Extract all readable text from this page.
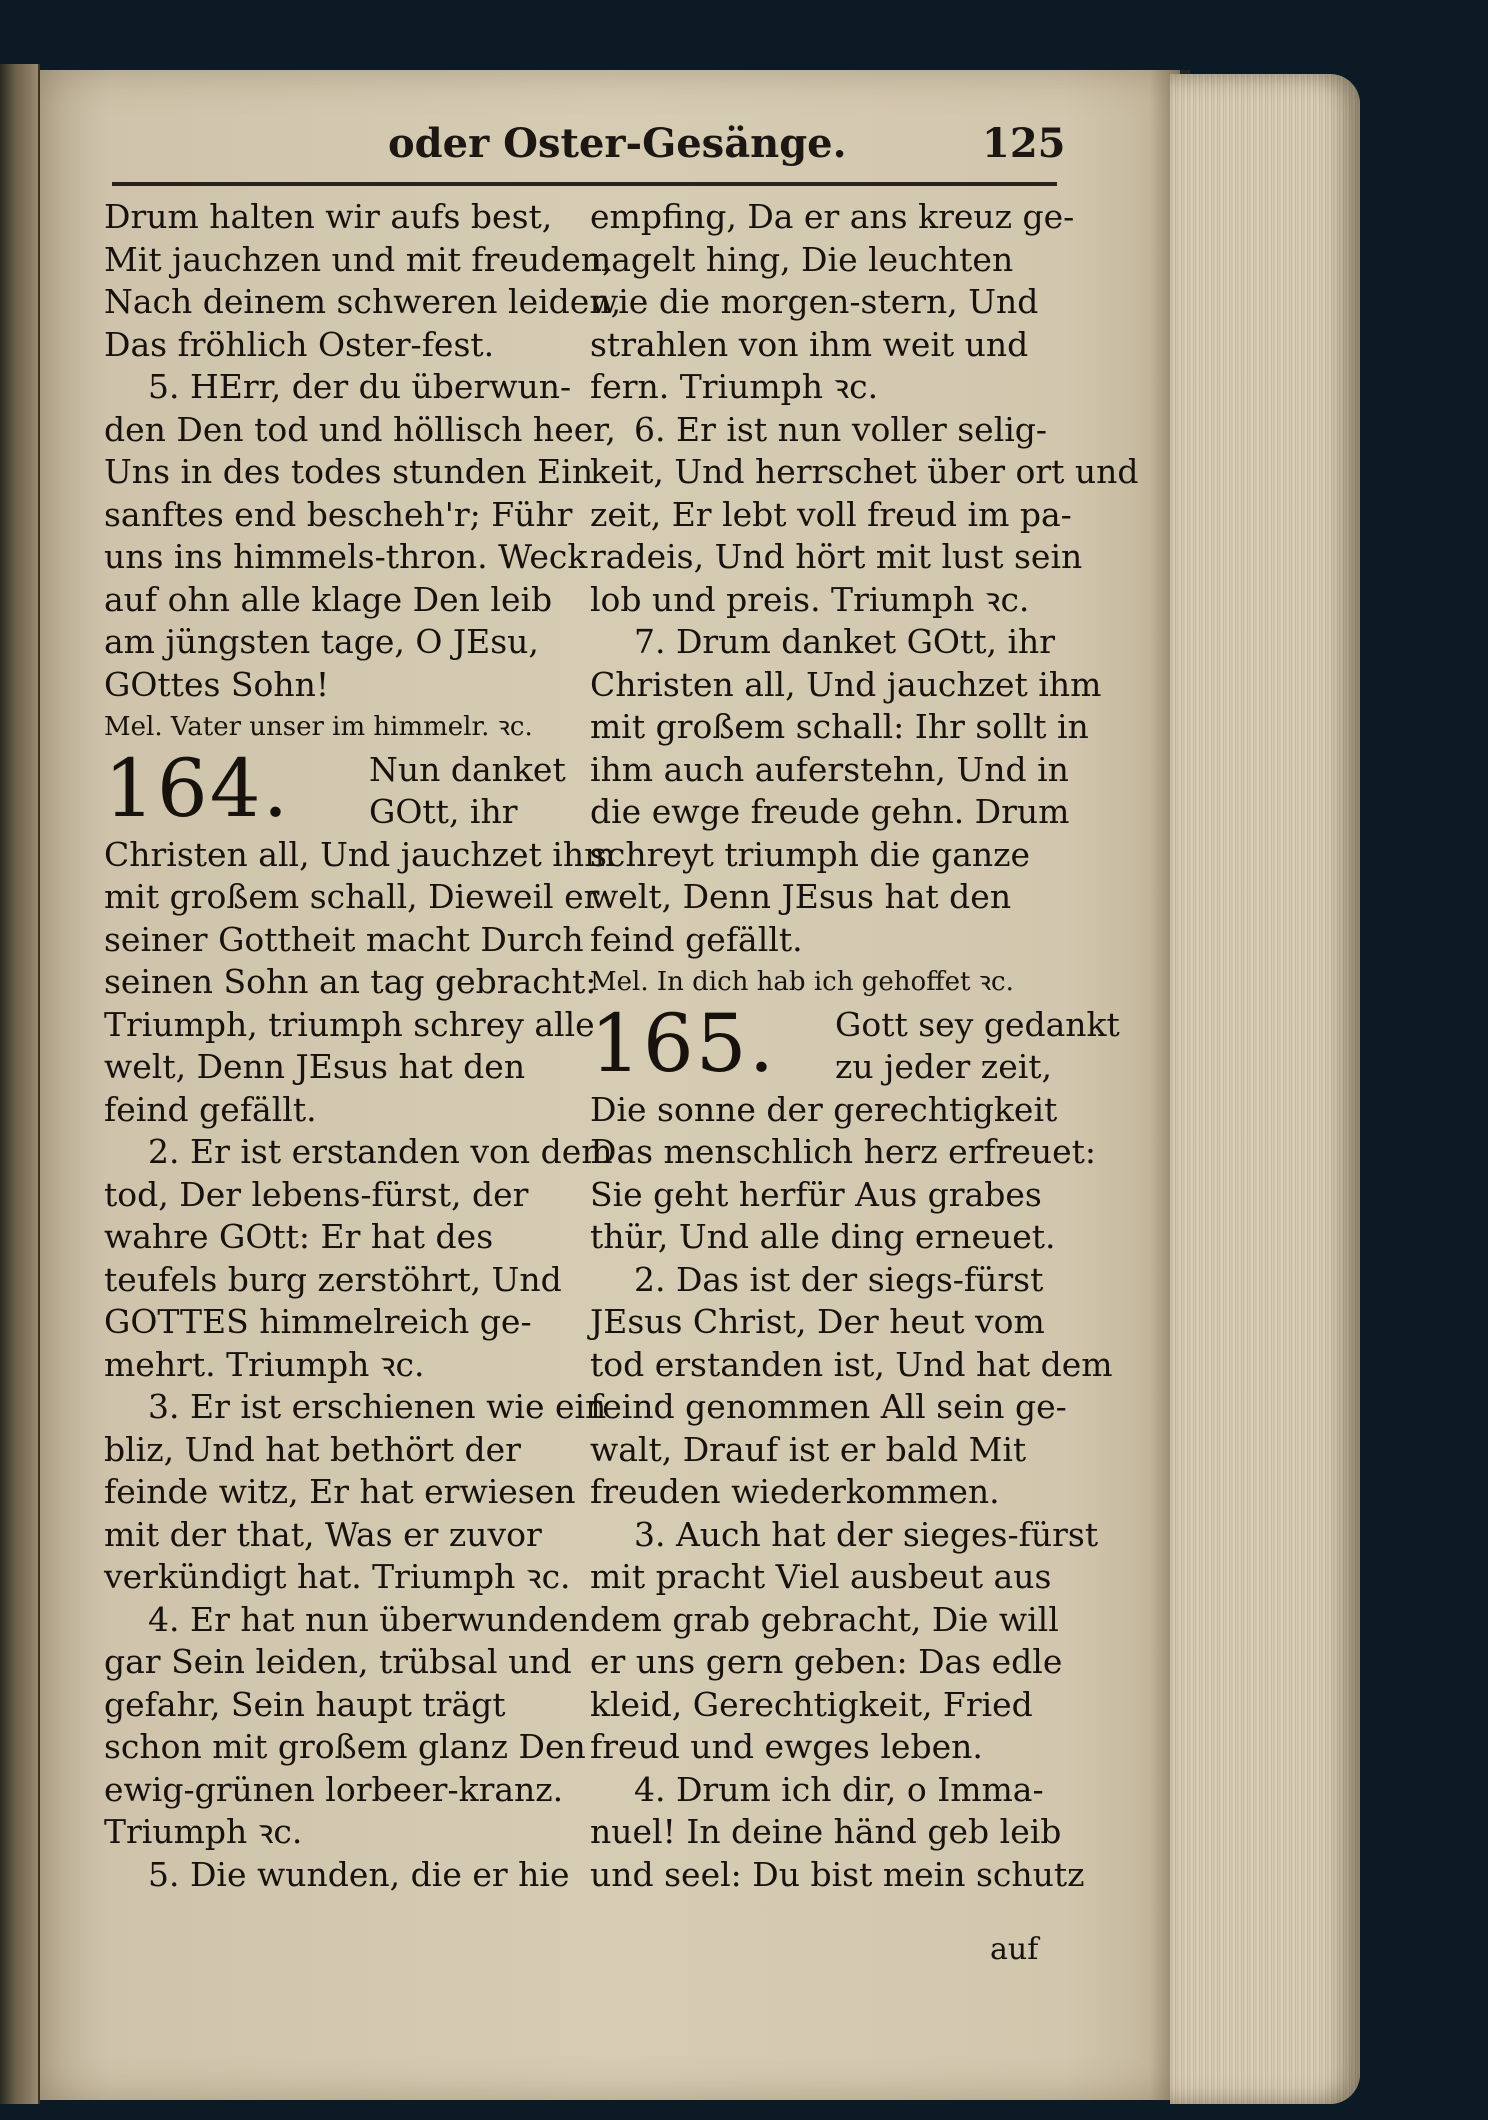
oder Oster-Gesänge.	125
Drum halten wir aufs best,
Mit jauchzen und mit freuden,
Nach deinem schweren leiden,
Das fröhlich Oster-fest.
5. HErr, der du überwun-
den Den tod und höllisch heer,
Uns in des todes stunden Ein
sanftes end bescheh'r; Führ
uns ins himmels-thron. Weck
auf ohn alle klage Den leib
am jüngsten tage, O JEsu,
GOttes Sohn!
Mel. Vater unser im himmelr. ꝛc.
164. Nun danket
GOtt, ihr
Christen all, Und jauchzet ihm
mit großem schall, Dieweil er
seiner Gottheit macht Durch
seinen Sohn an tag gebracht:
Triumph, triumph schrey alle
welt, Denn JEsus hat den
feind gefällt.
2. Er ist erstanden von dem
tod, Der lebens-fürst, der
wahre GOtt: Er hat des
teufels burg zerstöhrt, Und
GOTTES himmelreich ge-
mehrt. Triumph ꝛc.
3. Er ist erschienen wie ein
bliz, Und hat bethört der
feinde witz, Er hat erwiesen
mit der that, Was er zuvor
verkündigt hat. Triumph ꝛc.
4. Er hat nun überwunden
gar Sein leiden, trübsal und
gefahr, Sein haupt trägt
schon mit großem glanz Den
ewig-grünen lorbeer-kranz.
Triumph ꝛc.
5. Die wunden, die er hie
empfing, Da er ans kreuz ge-
nagelt hing, Die leuchten
wie die morgen-stern, Und
strahlen von ihm weit und
fern. Triumph ꝛc.
6. Er ist nun voller selig-
keit, Und herrschet über ort und
zeit, Er lebt voll freud im pa-
radeis, Und hört mit lust sein
lob und preis. Triumph ꝛc.
7. Drum danket GOtt, ihr
Christen all, Und jauchzet ihm
mit großem schall: Ihr sollt in
ihm auch auferstehn, Und in
die ewge freude gehn. Drum
schreyt triumph die ganze
welt, Denn JEsus hat den
feind gefällt.
Mel. In dich hab ich gehoffet ꝛc.
165. Gott sey gedankt
zu jeder zeit,
Die sonne der gerechtigkeit
Das menschlich herz erfreuet:
Sie geht herfür Aus grabes
thür, Und alle ding erneuet.
2. Das ist der siegs-fürst
JEsus Christ, Der heut vom
tod erstanden ist, Und hat dem
feind genommen All sein ge-
walt, Drauf ist er bald Mit
freuden wiederkommen.
3. Auch hat der sieges-fürst
mit pracht Viel ausbeut aus
dem grab gebracht, Die will
er uns gern geben: Das edle
kleid, Gerechtigkeit, Fried
freud und ewges leben.
4. Drum ich dir, o Imma-
nuel! In deine händ geb leib
und seel: Du bist mein schutz
auf
